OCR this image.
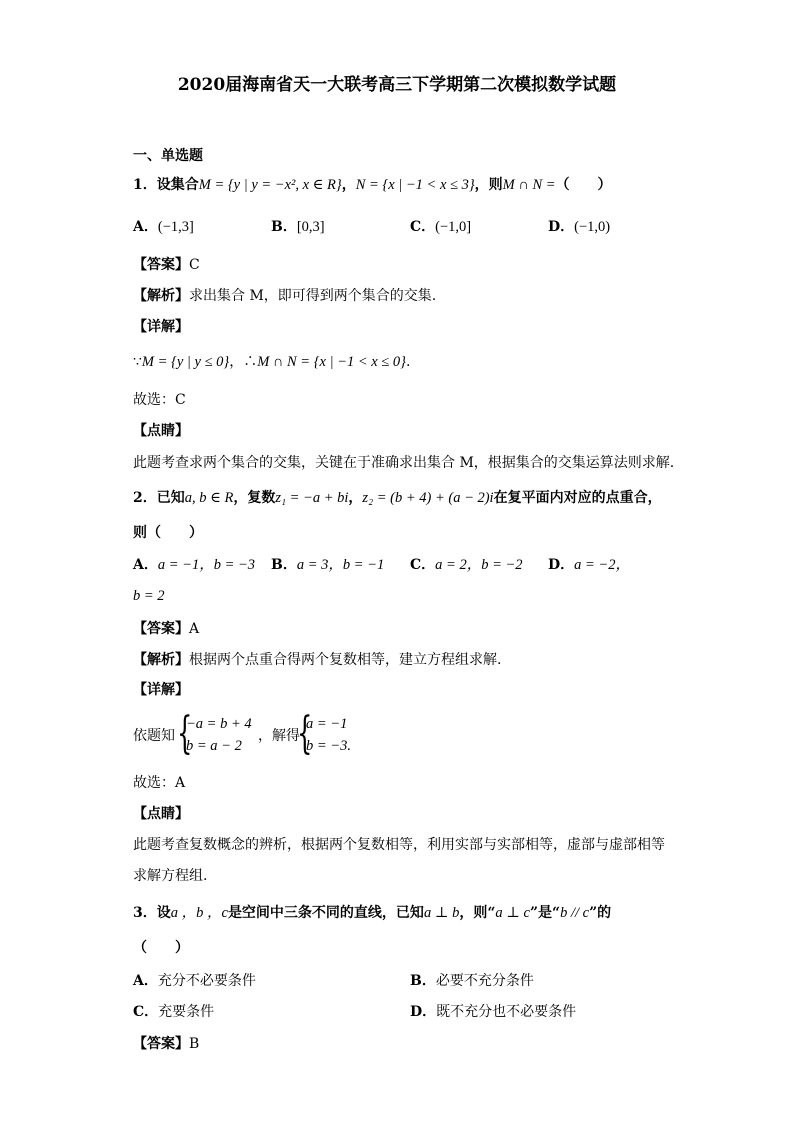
2020届海南省天一大联考高三下学期第二次模拟数学试题
一、单选题
1．设集合M = {y | y = −x², x ∈ R}，N = {x | −1 < x ≤ 3}，则M ∩ N =（　　）
A．(−1,3]	B．[0,3]	C．(−1,0]	D．(−1,0)
【答案】C
【解析】求出集合 M，即可得到两个集合的交集.
【详解】
∵M = {y | y ≤ 0}，∴M ∩ N = {x | −1 < x ≤ 0}.
故选：C
【点睛】
此题考查求两个集合的交集，关键在于准确求出集合 M，根据集合的交集运算法则求解.
2．已知a, b ∈ R，复数z₁ = −a + bi，z₂ = (b + 4) + (a − 2)i在复平面内对应的点重合，
则（　　）
A．a = −1，b = −3 B．a = 3，b = −1 C．a = 2，b = −2 D．a = −2，
b = 2
【答案】A
【解析】根据两个点重合得两个复数相等，建立方程组求解.
【详解】
依题知 {
−a = b + 4
b = a − 2
，解得
{
a = −1
b = −3.
故选：A
【点睛】
此题考查复数概念的辨析，根据两个复数相等，利用实部与实部相等，虚部与虚部相等
求解方程组.
3．设a ，b ，c是空间中三条不同的直线，已知a ⊥ b，则“a ⊥ c”是“b // c”的
（　　）
A．充分不必要条件	B．必要不充分条件
C．充要条件	D．既不充分也不必要条件
【答案】B
